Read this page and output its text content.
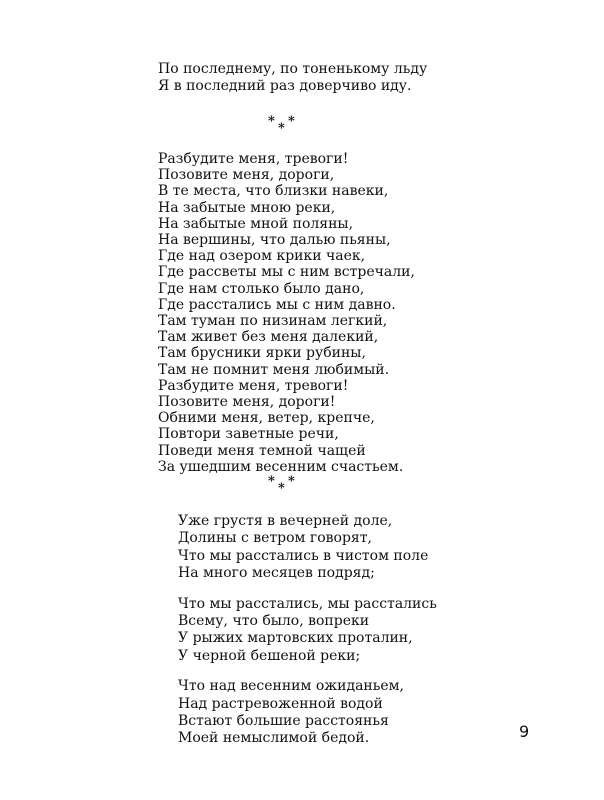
По последнему, по тоненькому льду
Я в последний раз доверчиво иду.
* * *
Разбудите меня, тревоги!
Позовите меня, дороги,
В те места, что близки навеки,
На забытые мною реки,
На забытые мной поляны,
На вершины, что далью пьяны,
Где над озером крики чаек,
Где рассветы мы с ним встречали,
Где нам столько было дано,
Где расстались мы с ним давно.
Там туман по низинам легкий,
Там живет без меня далекий,
Там брусники ярки рубины,
Там не помнит меня любимый.
Разбудите меня, тревоги!
Позовите меня, дороги!
Обними меня, ветер, крепче,
Повтори заветные речи,
Поведи меня темной чащей
За ушедшим весенним счастьем.
* * *
Уже грустя в вечерней доле,
Долины с ветром говорят,
Что мы расстались в чистом поле
На много месяцев подряд;
Что мы расстались, мы расстались
Всему, что было, вопреки
У рыжих мартовских проталин,
У черной бешеной реки;
Что над весенним ожиданьем,
Над растревоженной водой
Встают большие расстоянья
Моей немыслимой бедой.	9
